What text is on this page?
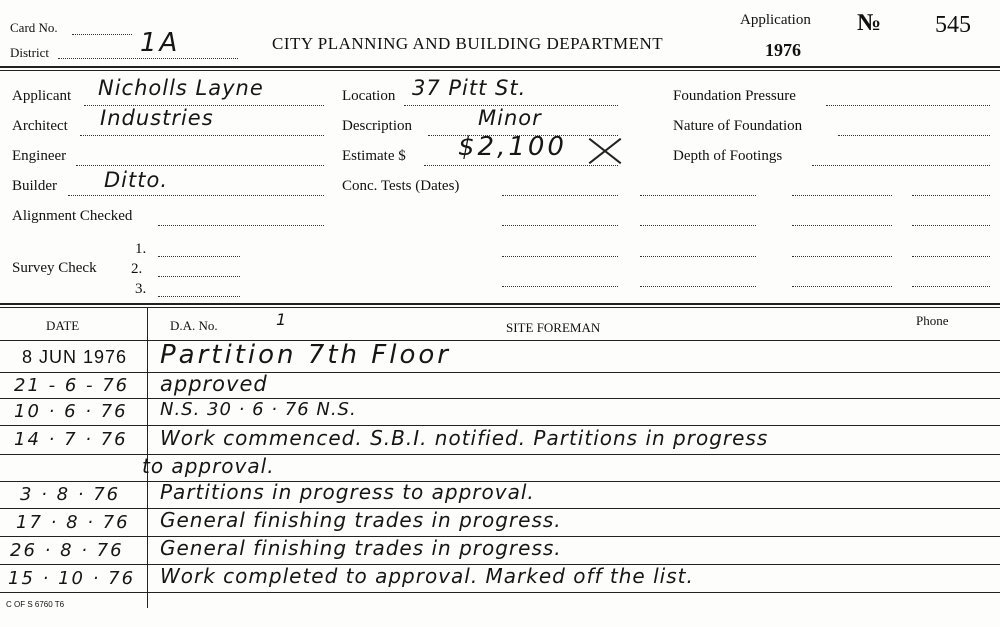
Card No.
District	1A	CITY PLANNING AND BUILDING DEPARTMENT
Application
1976
№ 545
Applicant Nicholls Layne
Architect Industries
Engineer
Builder Ditto.
Alignment Checked
Survey Check
1.
2.
3.
Location 37 Pitt St.
Description	Minor
Estimate $ $2,100
Conc. Tests (Dates)
Foundation Pressure
Nature of Foundation
Depth of Footings
DATE	D.A. No.	1	SITE FOREMAN	Phone
8 JUN 1976 Partition 7th Floor
21 - 6 - 76 approved
10 · 6 · 76 N.S. 30 · 6 · 76 N.S.
14 · 7 · 76 Work commenced. S.B.I. notified. Partitions in progress
to approval.
3 · 8 · 76 Partitions in progress to approval.
17 · 8 · 76 General finishing trades in progress.
26 · 8 · 76 General finishing trades in progress.
15 · 10 · 76 Work completed to approval. Marked off the list.
C OF S 6760 T6
